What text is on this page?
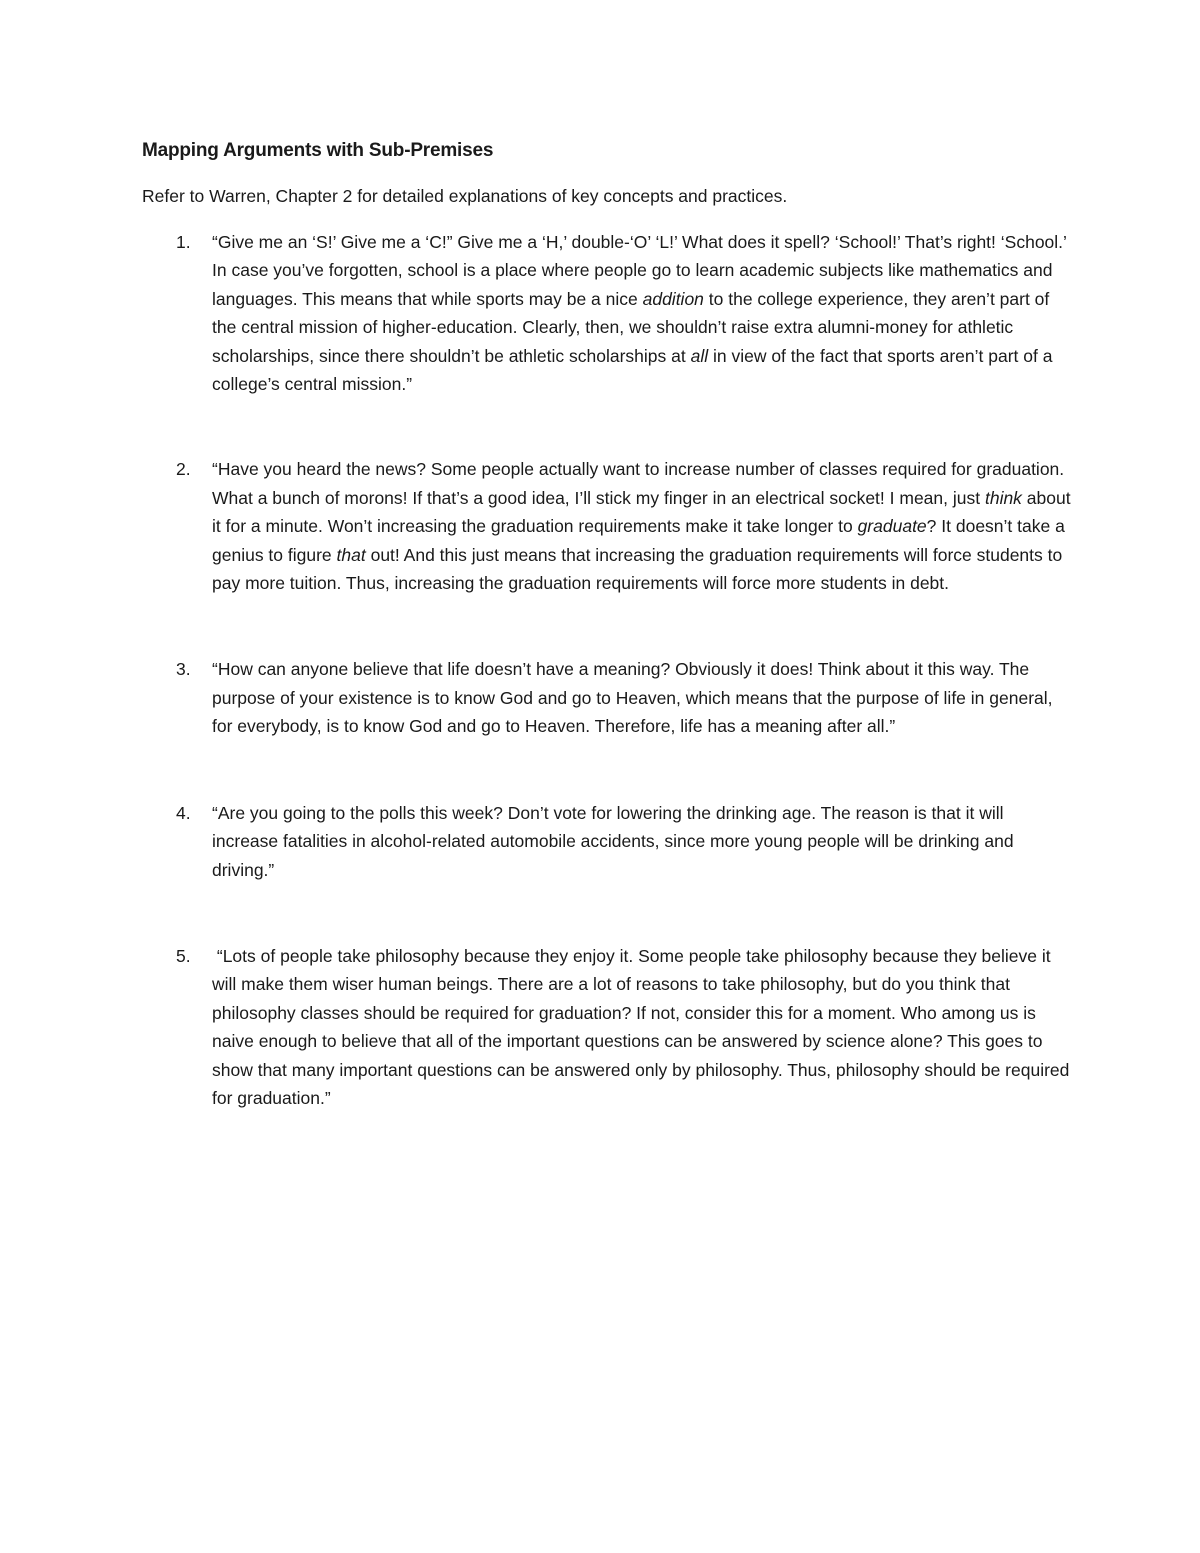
Mapping Arguments with Sub-Premises

Refer to Warren, Chapter 2 for detailed explanations of key concepts and practices.

1. “Give me an ‘S!’ Give me a ‘C!” Give me a ‘H,’ double-‘O’ ‘L!’ What does it spell? ‘School!’ That’s right! ‘School.’ In case you’ve forgotten, school is a place where people go to learn academic subjects like mathematics and languages. This means that while sports may be a nice addition to the college experience, they aren’t part of the central mission of higher-education. Clearly, then, we shouldn’t raise extra alumni-money for athletic scholarships, since there shouldn’t be athletic scholarships at all in view of the fact that sports aren’t part of a college’s central mission.”
2. “Have you heard the news? Some people actually want to increase number of classes required for graduation. What a bunch of morons! If that’s a good idea, I’ll stick my finger in an electrical socket! I mean, just think about it for a minute. Won’t increasing the graduation requirements make it take longer to graduate? It doesn’t take a genius to figure that out! And this just means that increasing the graduation requirements will force students to pay more tuition. Thus, increasing the graduation requirements will force more students in debt.
3. “How can anyone believe that life doesn’t have a meaning? Obviously it does! Think about it this way. The purpose of your existence is to know God and go to Heaven, which means that the purpose of life in general, for everybody, is to know God and go to Heaven. Therefore, life has a meaning after all.”
4. “Are you going to the polls this week? Don’t vote for lowering the drinking age. The reason is that it will increase fatalities in alcohol-related automobile accidents, since more young people will be drinking and driving.”
5. “Lots of people take philosophy because they enjoy it. Some people take philosophy because they believe it will make them wiser human beings. There are a lot of reasons to take philosophy, but do you think that philosophy classes should be required for graduation? If not, consider this for a moment. Who among us is naive enough to believe that all of the important questions can be answered by science alone? This goes to show that many important questions can be answered only by philosophy. Thus, philosophy should be required for graduation.”
